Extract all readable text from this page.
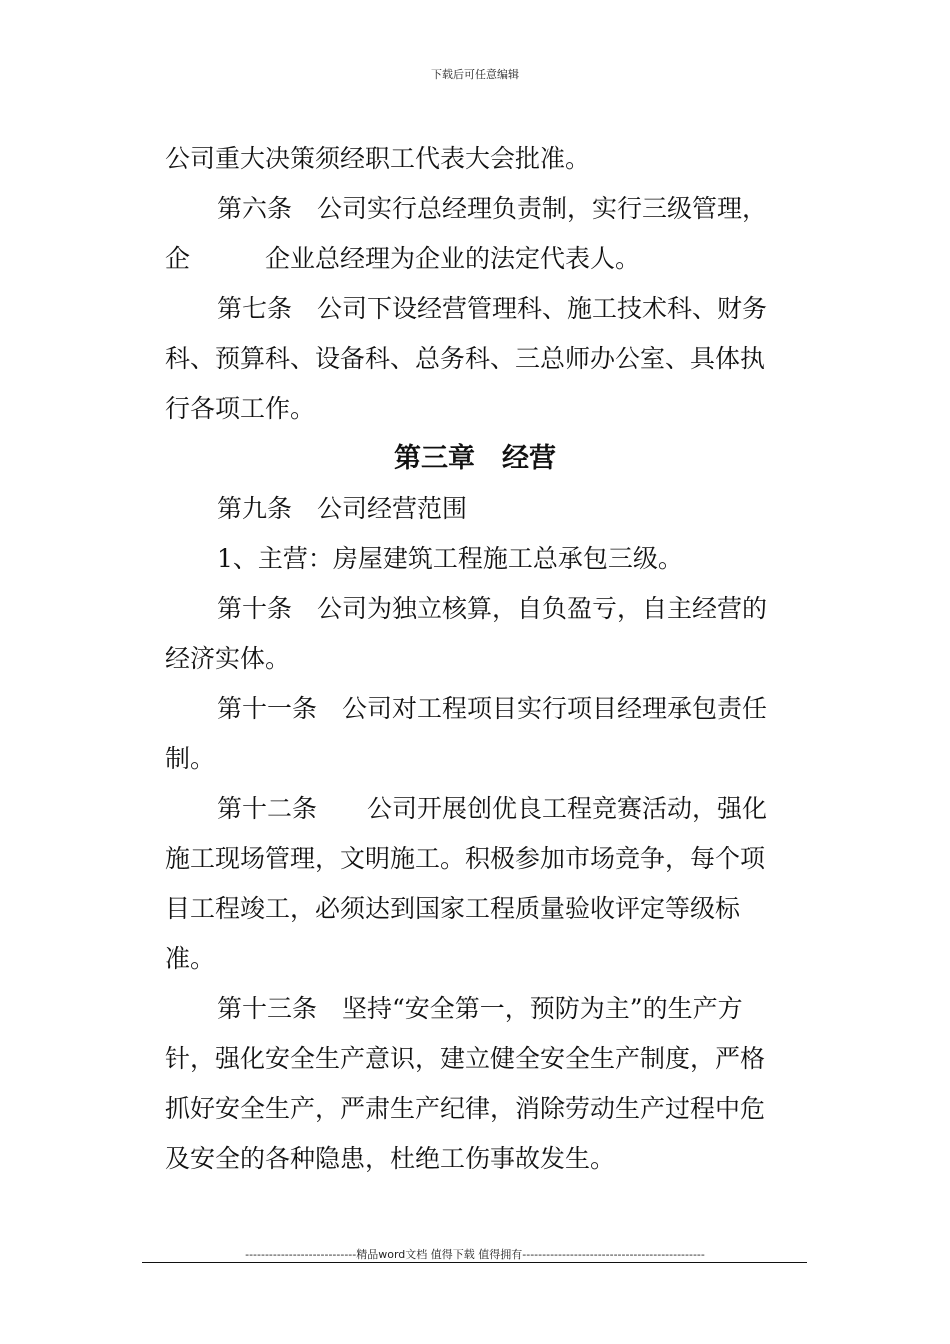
下载后可任意编辑
公司重大决策须经职工代表大会批准。
第六条　公司实行总经理负责制，实行三级管理，
企　　　企业总经理为企业的法定代表人。
第七条　公司下设经营管理科、施工技术科、财务
科、预算科、设备科、总务科、三总师办公室、具体执
行各项工作。
第三章　经营
第九条　公司经营范围
1、主营：房屋建筑工程施工总承包三级。
第十条　公司为独立核算，自负盈亏，自主经营的
经济实体。
第十一条　公司对工程项目实行项目经理承包责任
制。
第十二条　　公司开展创优良工程竞赛活动，强化
施工现场管理，文明施工。积极参加市场竞争，每个项
目工程竣工，必须达到国家工程质量验收评定等级标
准。
第十三条　坚持“安全第一，预防为主”的生产方
针，强化安全生产意识，建立健全安全生产制度，严格
抓好安全生产，严肃生产纪律，消除劳动生产过程中危
及安全的各种隐患，杜绝工伤事故发生。
----------------------------精品word文档 值得下载 值得拥有----------------------------------------------
